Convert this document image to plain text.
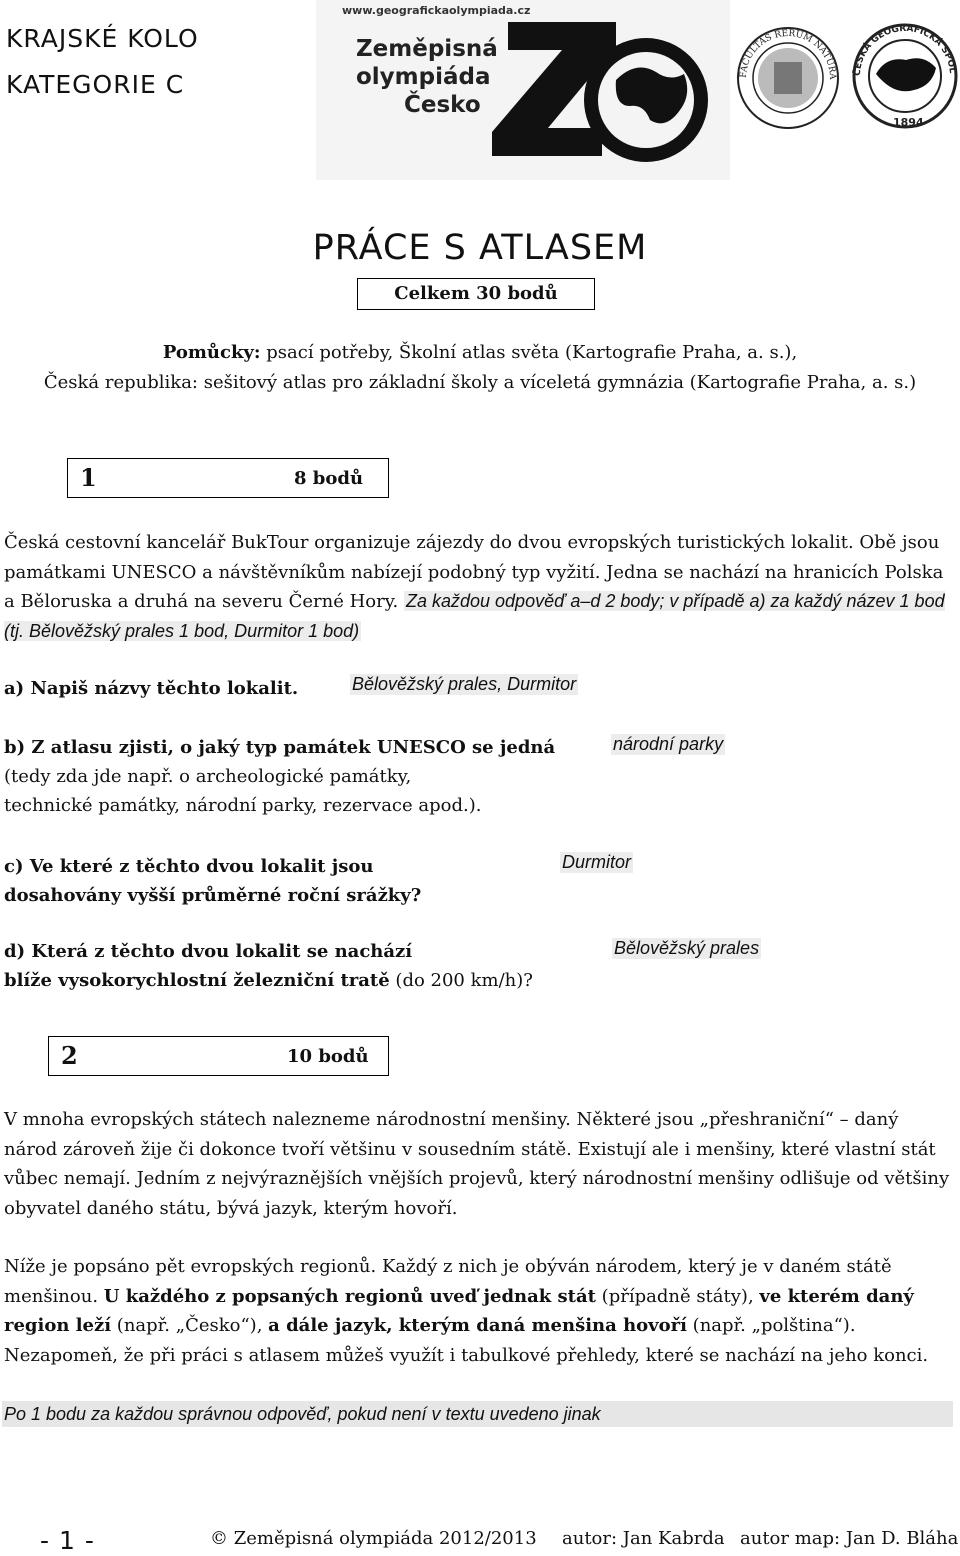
KRAJSKÉ KOLO
KATEGORIE C
www.geografickaolympiada.cz
Zeměpisná
olympiáda
Česko
FACULTAS RERUM NATURA
ČESKÁ GEOGRAFICKÁ SPOL
1894
PRÁCE S ATLASEM
Celkem 30 bodů
Pomůcky: psací potřeby, Školní atlas světa (Kartografie Praha, a. s.),
Česká republika: sešitový atlas pro základní školy a víceletá gymnázia (Kartografie Praha, a. s.)
1	8 bodů
Česká cestovní kancelář BukTour organizuje zájezdy do dvou evropských turistických lokalit. Obě jsou památkami UNESCO a návštěvníkům nabízejí podobný typ vyžití. Jedna se nachází na hranicích Polska a Běloruska a druhá na severu Černé Hory. Za každou odpověď a–d 2 body; v případě a) za každý název 1 bod (tj. Bělověžský prales 1 bod, Durmitor 1 bod)
a) Napiš názvy těchto lokalit.	Bělověžský prales, Durmitor
b) Z atlasu zjisti, o jaký typ památek UNESCO se jedná
(tedy zda jde např. o archeologické památky,
technické památky, národní parky, rezervace apod.).
národní parky
c) Ve které z těchto dvou lokalit jsou
dosahovány vyšší průměrné roční srážky?
Durmitor
d) Která z těchto dvou lokalit se nachází
blíže vysokorychlostní železniční tratě (do 200 km/h)?
Bělověžský prales
2	10 bodů
V mnoha evropských státech nalezneme národnostní menšiny. Některé jsou „přeshraniční“ – daný národ zároveň žije či dokonce tvoří většinu v sousedním státě. Existují ale i menšiny, které vlastní stát vůbec nemají. Jedním z nejvýraznějších vnějších projevů, který národnostní menšiny odlišuje od většiny obyvatel daného státu, bývá jazyk, kterým hovoří.
Níže je popsáno pět evropských regionů. Každý z nich je obýván národem, který je v daném státě menšinou. U každého z popsaných regionů uveď jednak stát (případně státy), ve kterém daný region leží (např. „Česko“), a dále jazyk, kterým daná menšina hovoří (např. „polština“). Nezapomeň, že při práci s atlasem můžeš využít i tabulkové přehledy, které se nachází na jeho konci.
Po 1 bodu za každou správnou odpověď, pokud není v textu uvedeno jinak
- 1 -	© Zeměpisná olympiáda 2012/2013 autor: Jan Kabrda autor map: Jan D. Bláha
